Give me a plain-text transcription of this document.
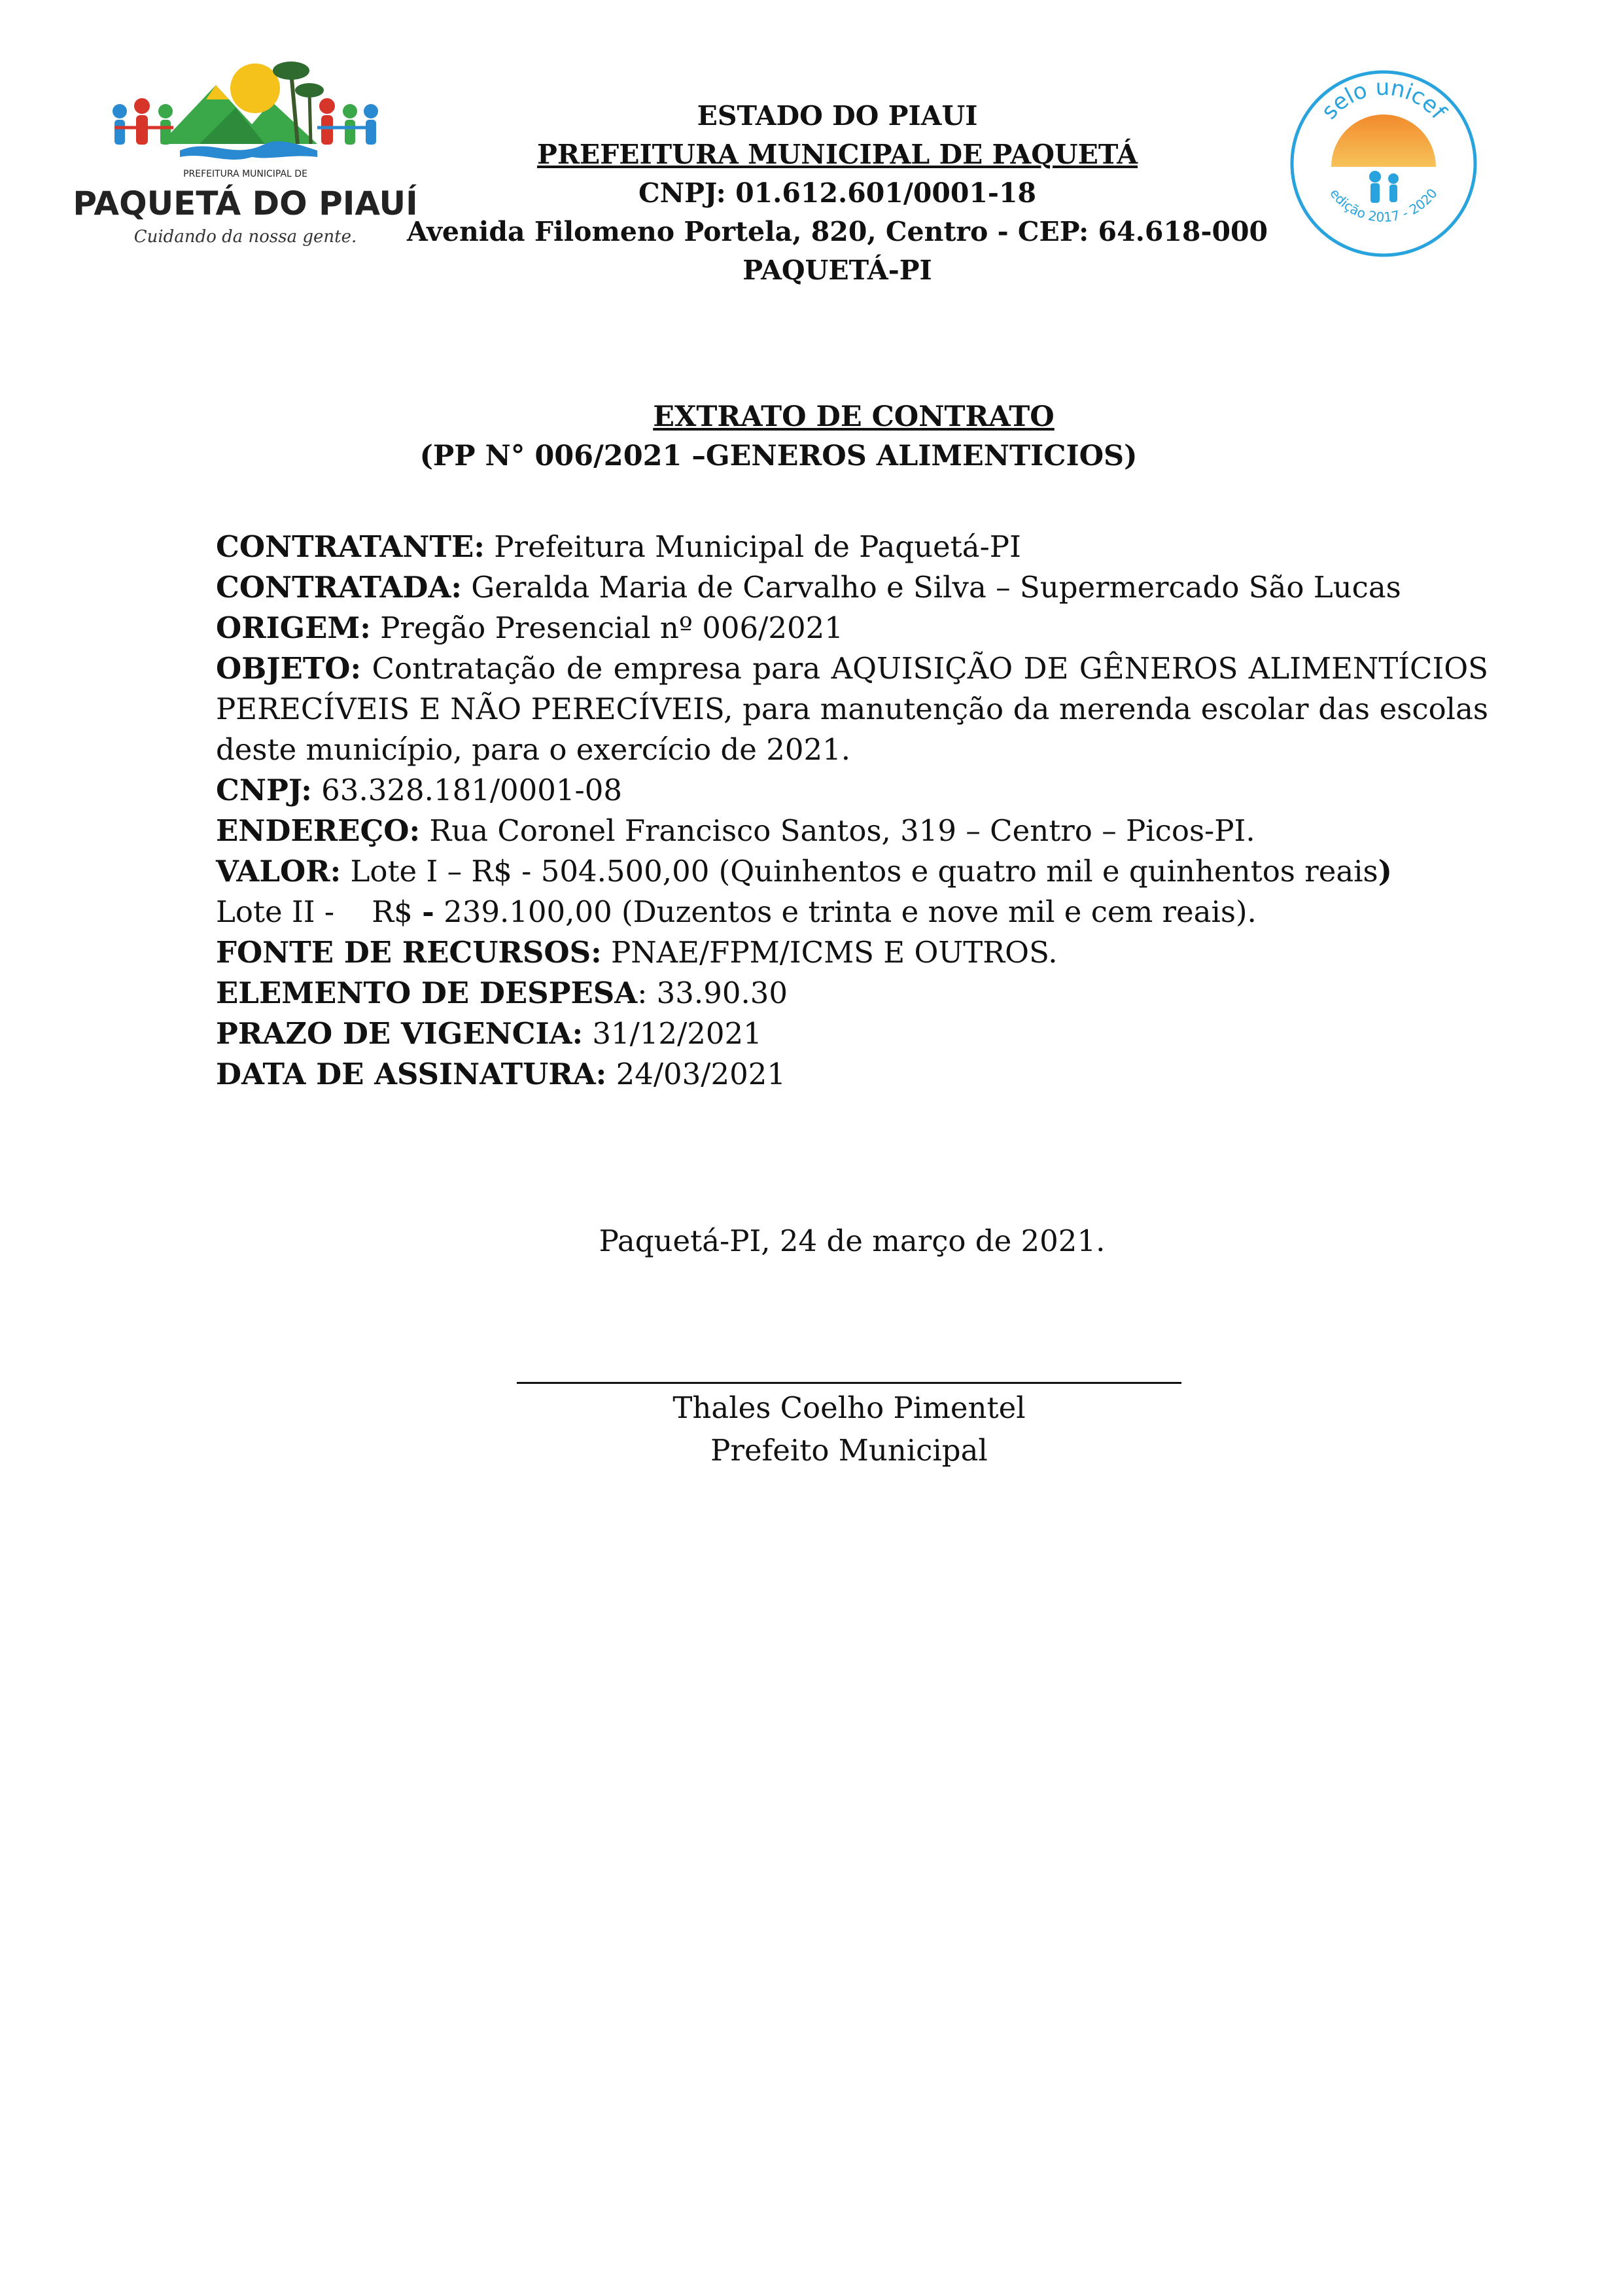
PREFEITURA MUNICIPAL DE
PAQUETÁ DO PIAUÍ
Cuidando da nossa gente.
selo unicef
edição 2017 - 2020
ESTADO DO PIAUI
PREFEITURA MUNICIPAL DE PAQUETÁ
CNPJ: 01.612.601/0001-18
Avenida Filomeno Portela, 820, Centro - CEP: 64.618-000
PAQUETÁ-PI
EXTRATO DE CONTRATO
(PP N° 006/2021 –GENEROS ALIMENTICIOS)

CONTRATANTE: Prefeitura Municipal de Paquetá-PI

CONTRATADA: Geralda Maria de Carvalho e Silva – Supermercado São Lucas

ORIGEM: Pregão Presencial nº 006/2021

OBJETO: Contratação de empresa para AQUISIÇÃO DE GÊNEROS ALIMENTÍCIOS PERECÍVEIS E NÃO PERECÍVEIS, para manutenção da merenda escolar das escolas deste município, para o exercício de 2021.

CNPJ: 63.328.181/0001-08

ENDEREÇO: Rua Coronel Francisco Santos, 319 – Centro – Picos-PI.

VALOR: Lote I – R$ - 504.500,00 (Quinhentos e quatro mil e quinhentos reais)

Lote II -    R$ - 239.100,00 (Duzentos e trinta e nove mil e cem reais).

FONTE DE RECURSOS: PNAE/FPM/ICMS E OUTROS.

ELEMENTO DE DESPESA: 33.90.30

PRAZO DE VIGENCIA: 31/12/2021

DATA DE ASSINATURA: 24/03/2021

Paquetá-PI, 24 de março de 2021.
Thales Coelho Pimentel
Prefeito Municipal
